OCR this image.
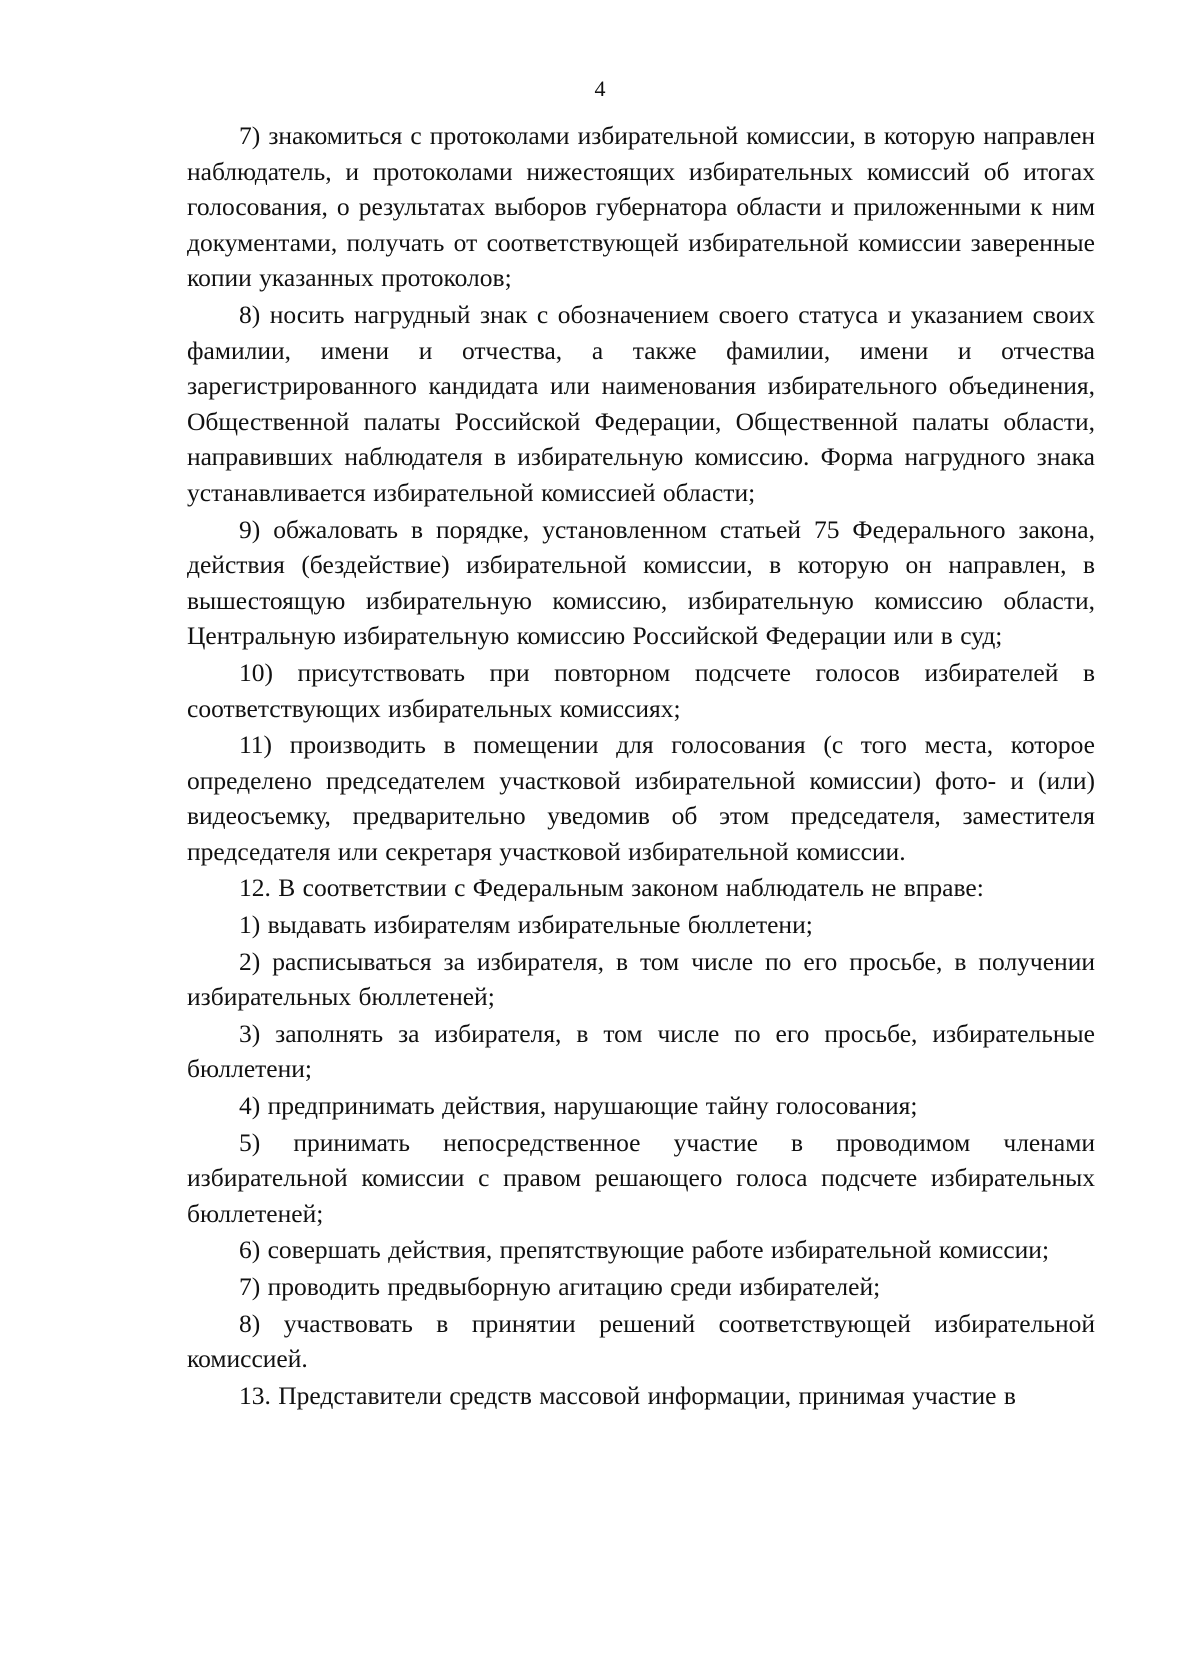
4

7) знакомиться с протоколами избирательной комиссии, в которую направлен наблюдатель, и протоколами нижестоящих избирательных комиссий об итогах голосования, о результатах выборов губернатора области и приложенными к ним документами, получать от соответствующей избирательной комиссии заверенные копии указанных протоколов;

8) носить нагрудный знак с обозначением своего статуса и указанием своих фамилии, имени и отчества, а также фамилии, имени и отчества зарегистрированного кандидата или наименования избирательного объединения, Общественной палаты Российской Федерации, Общественной палаты области, направивших наблюдателя в избирательную комиссию. Форма нагрудного знака устанавливается избирательной комиссией области;

9) обжаловать в порядке, установленном статьей 75 Федерального закона, действия (бездействие) избирательной комиссии, в которую он направлен, в вышестоящую избирательную комиссию, избирательную комиссию области, Центральную избирательную комиссию Российской Федерации или в суд;

10) присутствовать при повторном подсчете голосов избирателей в соответствующих избирательных комиссиях;

11) производить в помещении для голосования (с того места, которое определено председателем участковой избирательной комиссии) фото- и (или) видеосъемку, предварительно уведомив об этом председателя, заместителя председателя или секретаря участковой избирательной комиссии.

12. В соответствии с Федеральным законом наблюдатель не вправе:

1) выдавать избирателям избирательные бюллетени;

2) расписываться за избирателя, в том числе по его просьбе, в получении избирательных бюллетеней;

3) заполнять за избирателя, в том числе по его просьбе, избирательные бюллетени;

4) предпринимать действия, нарушающие тайну голосования;

5) принимать непосредственное участие в проводимом членами избирательной комиссии с правом решающего голоса подсчете избирательных бюллетеней;

6) совершать действия, препятствующие работе избирательной комиссии;

7) проводить предвыборную агитацию среди избирателей;

8) участвовать в принятии решений соответствующей избирательной комиссией.

13. Представители средств массовой информации, принимая участие в
